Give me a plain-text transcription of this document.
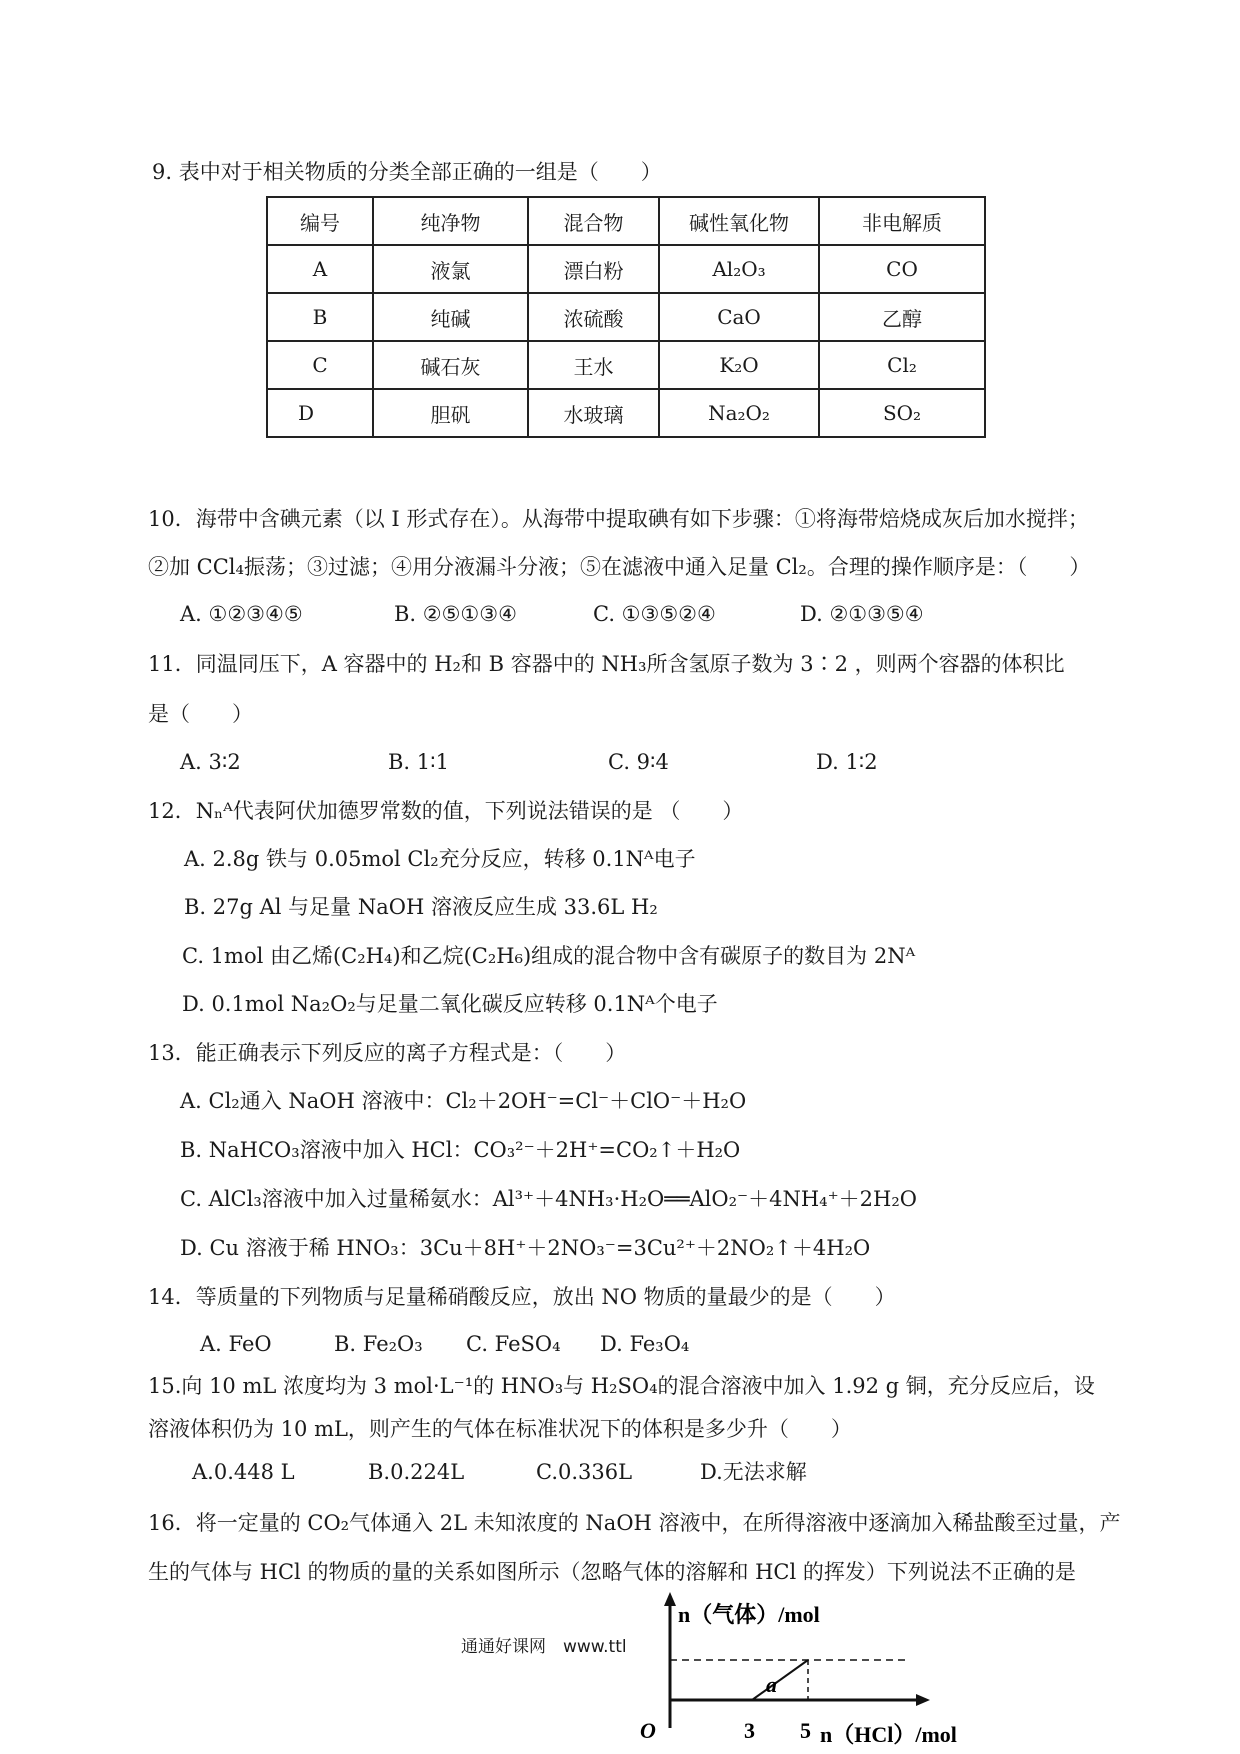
9. 表中对于相关物质的分类全部正确的一组是（　　）
编号	纯净物	混合物	碱性氧化物	非电解质
A	液氯	漂白粉	Al₂O₃	CO
B	纯碱	浓硫酸	CaO	乙醇
C	碱石灰	王水	K₂O	Cl₂
D	胆矾	水玻璃	Na₂O₂	SO₂
10．海带中含碘元素（以 I 形式存在）。从海带中提取碘有如下步骤：①将海带焙烧成灰后加水搅拌；
②加 CCl₄振荡；③过滤；④用分液漏斗分液；⑤在滤液中通入足量 Cl₂。合理的操作顺序是：（　　）
A. ①②③④⑤	B. ②⑤①③④	C. ①③⑤②④	D. ②①③⑤④
11．同温同压下，A 容器中的 H₂和 B 容器中的 NH₃所含氢原子数为 3∶2 ，则两个容器的体积比
是（　　）
A. 3∶2	B. 1∶1	C. 9∶4	D. 1∶2
12．Nₙᴬ代表阿伏加德罗常数的值，下列说法错误的是 （　　）
A. 2.8g 铁与 0.05mol Cl₂充分反应，转移 0.1Nᴬ电子
B. 27g Al 与足量 NaOH 溶液反应生成 33.6L H₂
C. 1mol 由乙烯(C₂H₄)和乙烷(C₂H₆)组成的混合物中含有碳原子的数目为 2Nᴬ
D. 0.1mol Na₂O₂与足量二氧化碳反应转移 0.1Nᴬ个电子
13．能正确表示下列反应的离子方程式是：（　　）
A. Cl₂通入 NaOH 溶液中：Cl₂＋2OH⁻=Cl⁻＋ClO⁻＋H₂O
B. NaHCO₃溶液中加入 HCl：CO₃²⁻＋2H⁺=CO₂↑＋H₂O
C. AlCl₃溶液中加入过量稀氨水：Al³⁺＋4NH₃·H₂O══AlO₂⁻＋4NH₄⁺＋2H₂O
D. Cu 溶液于稀 HNO₃：3Cu＋8H⁺＋2NO₃⁻=3Cu²⁺＋2NO₂↑＋4H₂O
14．等质量的下列物质与足量稀硝酸反应，放出 NO 物质的量最少的是（　　）
A. FeO	B. Fe₂O₃ C. FeSO₄ D. Fe₃O₄
15.向 10 mL 浓度均为 3 mol·L⁻¹的 HNO₃与 H₂SO₄的混合溶液中加入 1.92 g 铜，充分反应后，设
溶液体积仍为 10 mL，则产生的气体在标准状况下的体积是多少升（　　）
A.0.448 L	B.0.224L	C.0.336L	D.无法求解
16．将一定量的 CO₂气体通入 2L 未知浓度的 NaOH 溶液中，在所得溶液中逐滴加入稀盐酸至过量，产
生的气体与 HCl 的物质的量的关系如图所示（忽略气体的溶解和 HCl 的挥发）下列说法不正确的是
n（气体）/mol
O	3 5
a
n（HCl）/mol
通通好课网　www.ttl
